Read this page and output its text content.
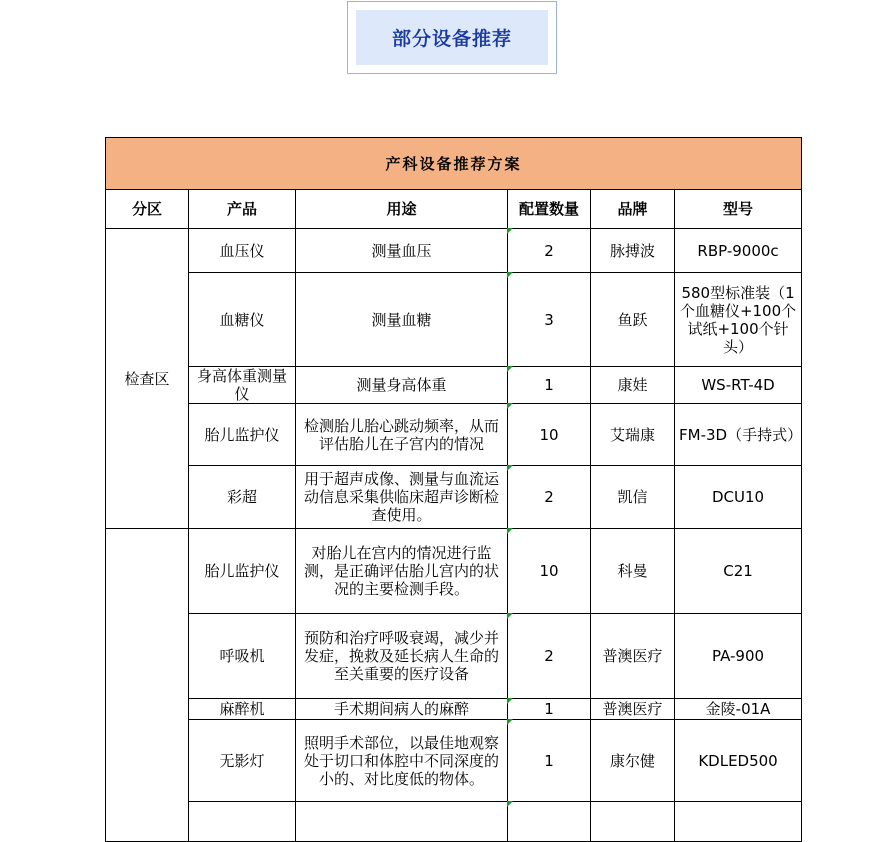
部分设备推荐
产科设备推荐方案					
分区	产品	用途	配置数量	品牌	型号
检查区	血压仪	测量血压	2	脉搏波	RBP-9000c
	血糖仪	测量血糖	3	鱼跃	580型标准装（1个血糖仪+100个试纸+100个针头）
	身高体重测量仪	测量身高体重	1	康娃	WS-RT-4D
	胎儿监护仪	检测胎儿胎心跳动频率，从而评估胎儿在子宫内的情况	10	艾瑞康	FM-3D（手持式）
	彩超	用于超声成像、测量与血流运动信息采集供临床超声诊断检查使用。	2	凯信	DCU10
	胎儿监护仪	对胎儿在宫内的情况进行监测，是正确评估胎儿宫内的状况的主要检测手段。	10	科曼	C21
	呼吸机	预防和治疗呼吸衰竭，减少并发症，挽救及延长病人生命的至关重要的医疗设备	2	普澳医疗	PA-900
	麻醉机	手术期间病人的麻醉	1	普澳医疗	金陵-01A
	无影灯	照明手术部位，以最佳地观察处于切口和体腔中不同深度的小的、对比度低的物体。	1	康尔健	KDLED500
